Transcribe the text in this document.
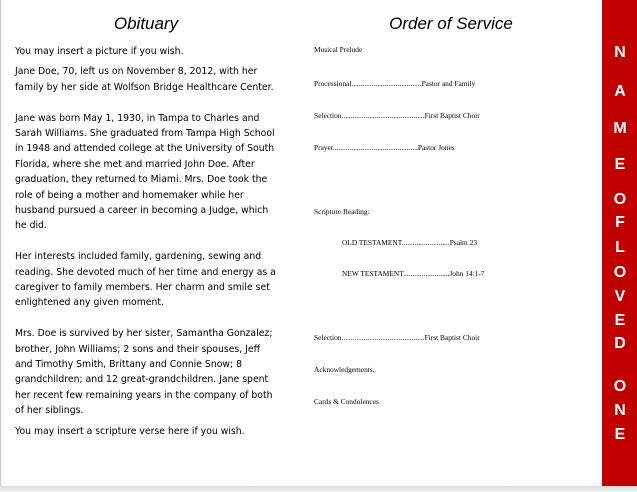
Obituary

You may insert a picture if you wish.

Jane Doe, 70, left us on November 8, 2012, with her family by her side at Wolfson Bridge Healthcare Center.

Jane was born May 1, 1930, in Tampa to Charles and Sarah Williams. She graduated from Tampa High School in 1948 and attended college at the University of South Florida, where she met and married John Doe. After graduation, they returned to Miami. Mrs. Doe took the role of being a mother and homemaker while her husband pursued a career in becoming a Judge, which he did.

Her interests included family, gardening, sewing and reading. She devoted much of her time and energy as a caregiver to family members. Her charm and smile set enlightened any given moment.

Mrs. Doe is survived by her sister, Samantha Gonzalez; brother, John Williams; 2 sons and their spouses, Jeff and Timothy Smith, Brittany and Connie Snow; 8 grandchildren; and 12 great-grandchildren. Jane spent her recent few remaining years in the company of both of her siblings.

You may insert a scripture verse here if you wish.

Order of Service
Musical Prelude
Processional......................................Pastor and Family
Selection.............................................First Baptist Choir
Prayer..............................................Pastor Jones
Scripture Reading:
OLD TESTAMENT..........................Psalm 23
NEW TESTAMENT.........................John 14:1-7
Selection.............................................First Baptist Choir
Acknowledgements,
Cards & Condolences
N
A
M
E
O
F
L
O
V
E
D
O
N
E
